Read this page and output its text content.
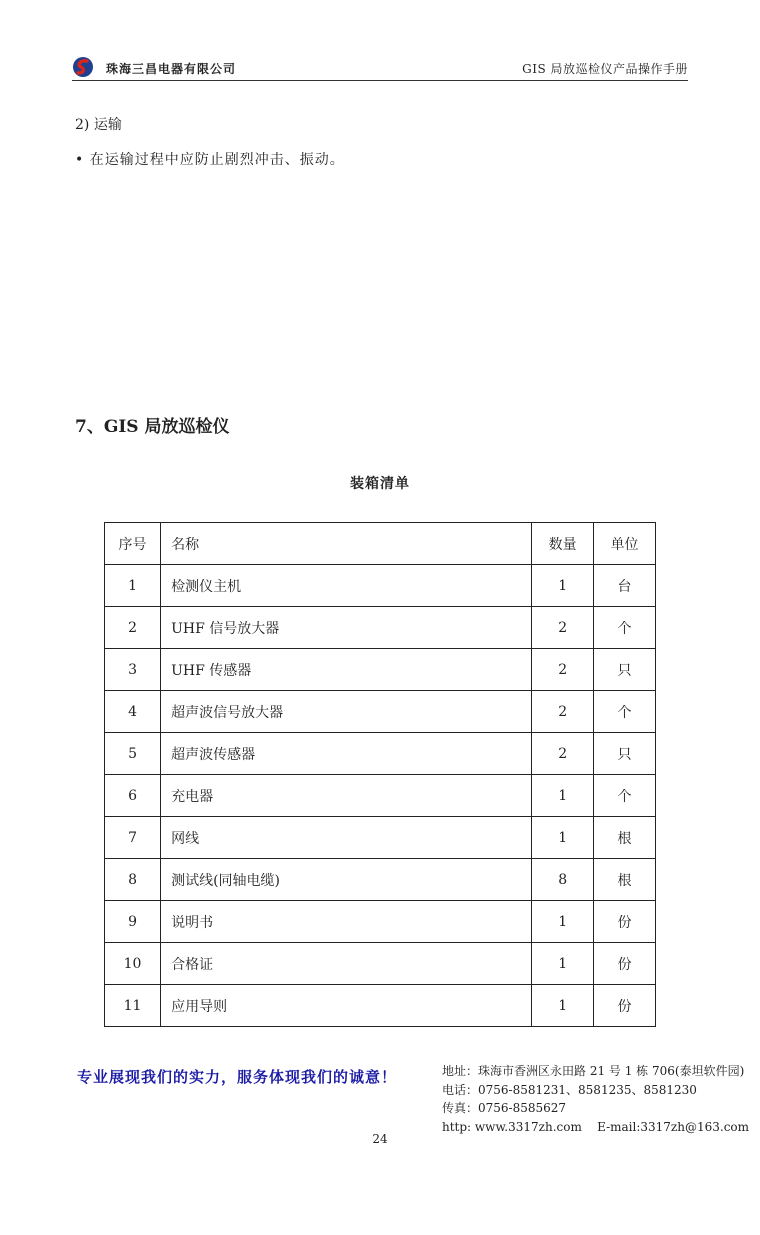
珠海三昌电器有限公司	GIS 局放巡检仪产品操作手册
2) 运输
• 在运输过程中应防止剧烈冲击、振动。
7、GIS 局放巡检仪
装箱清单
序号	名称	数量	单位
1	检测仪主机	1	台
2	UHF 信号放大器	2	个
3	UHF 传感器	2	只
4	超声波信号放大器	2	个
5	超声波传感器	2	只
6	充电器	1	个
7	网线	1	根
8	测试线(同轴电缆)	8	根
9	说明书	1	份
10	合格证	1	份
11	应用导则	1	份
专业展现我们的实力，服务体现我们的诚意！	地址：珠海市香洲区永田路 21 号 1 栋 706(泰坦软件园)
电话：0756-8581231、8581235、8581230
传真：0756-8585627
http: www.3317zh.com    E-mail:3317zh@163.com
24
